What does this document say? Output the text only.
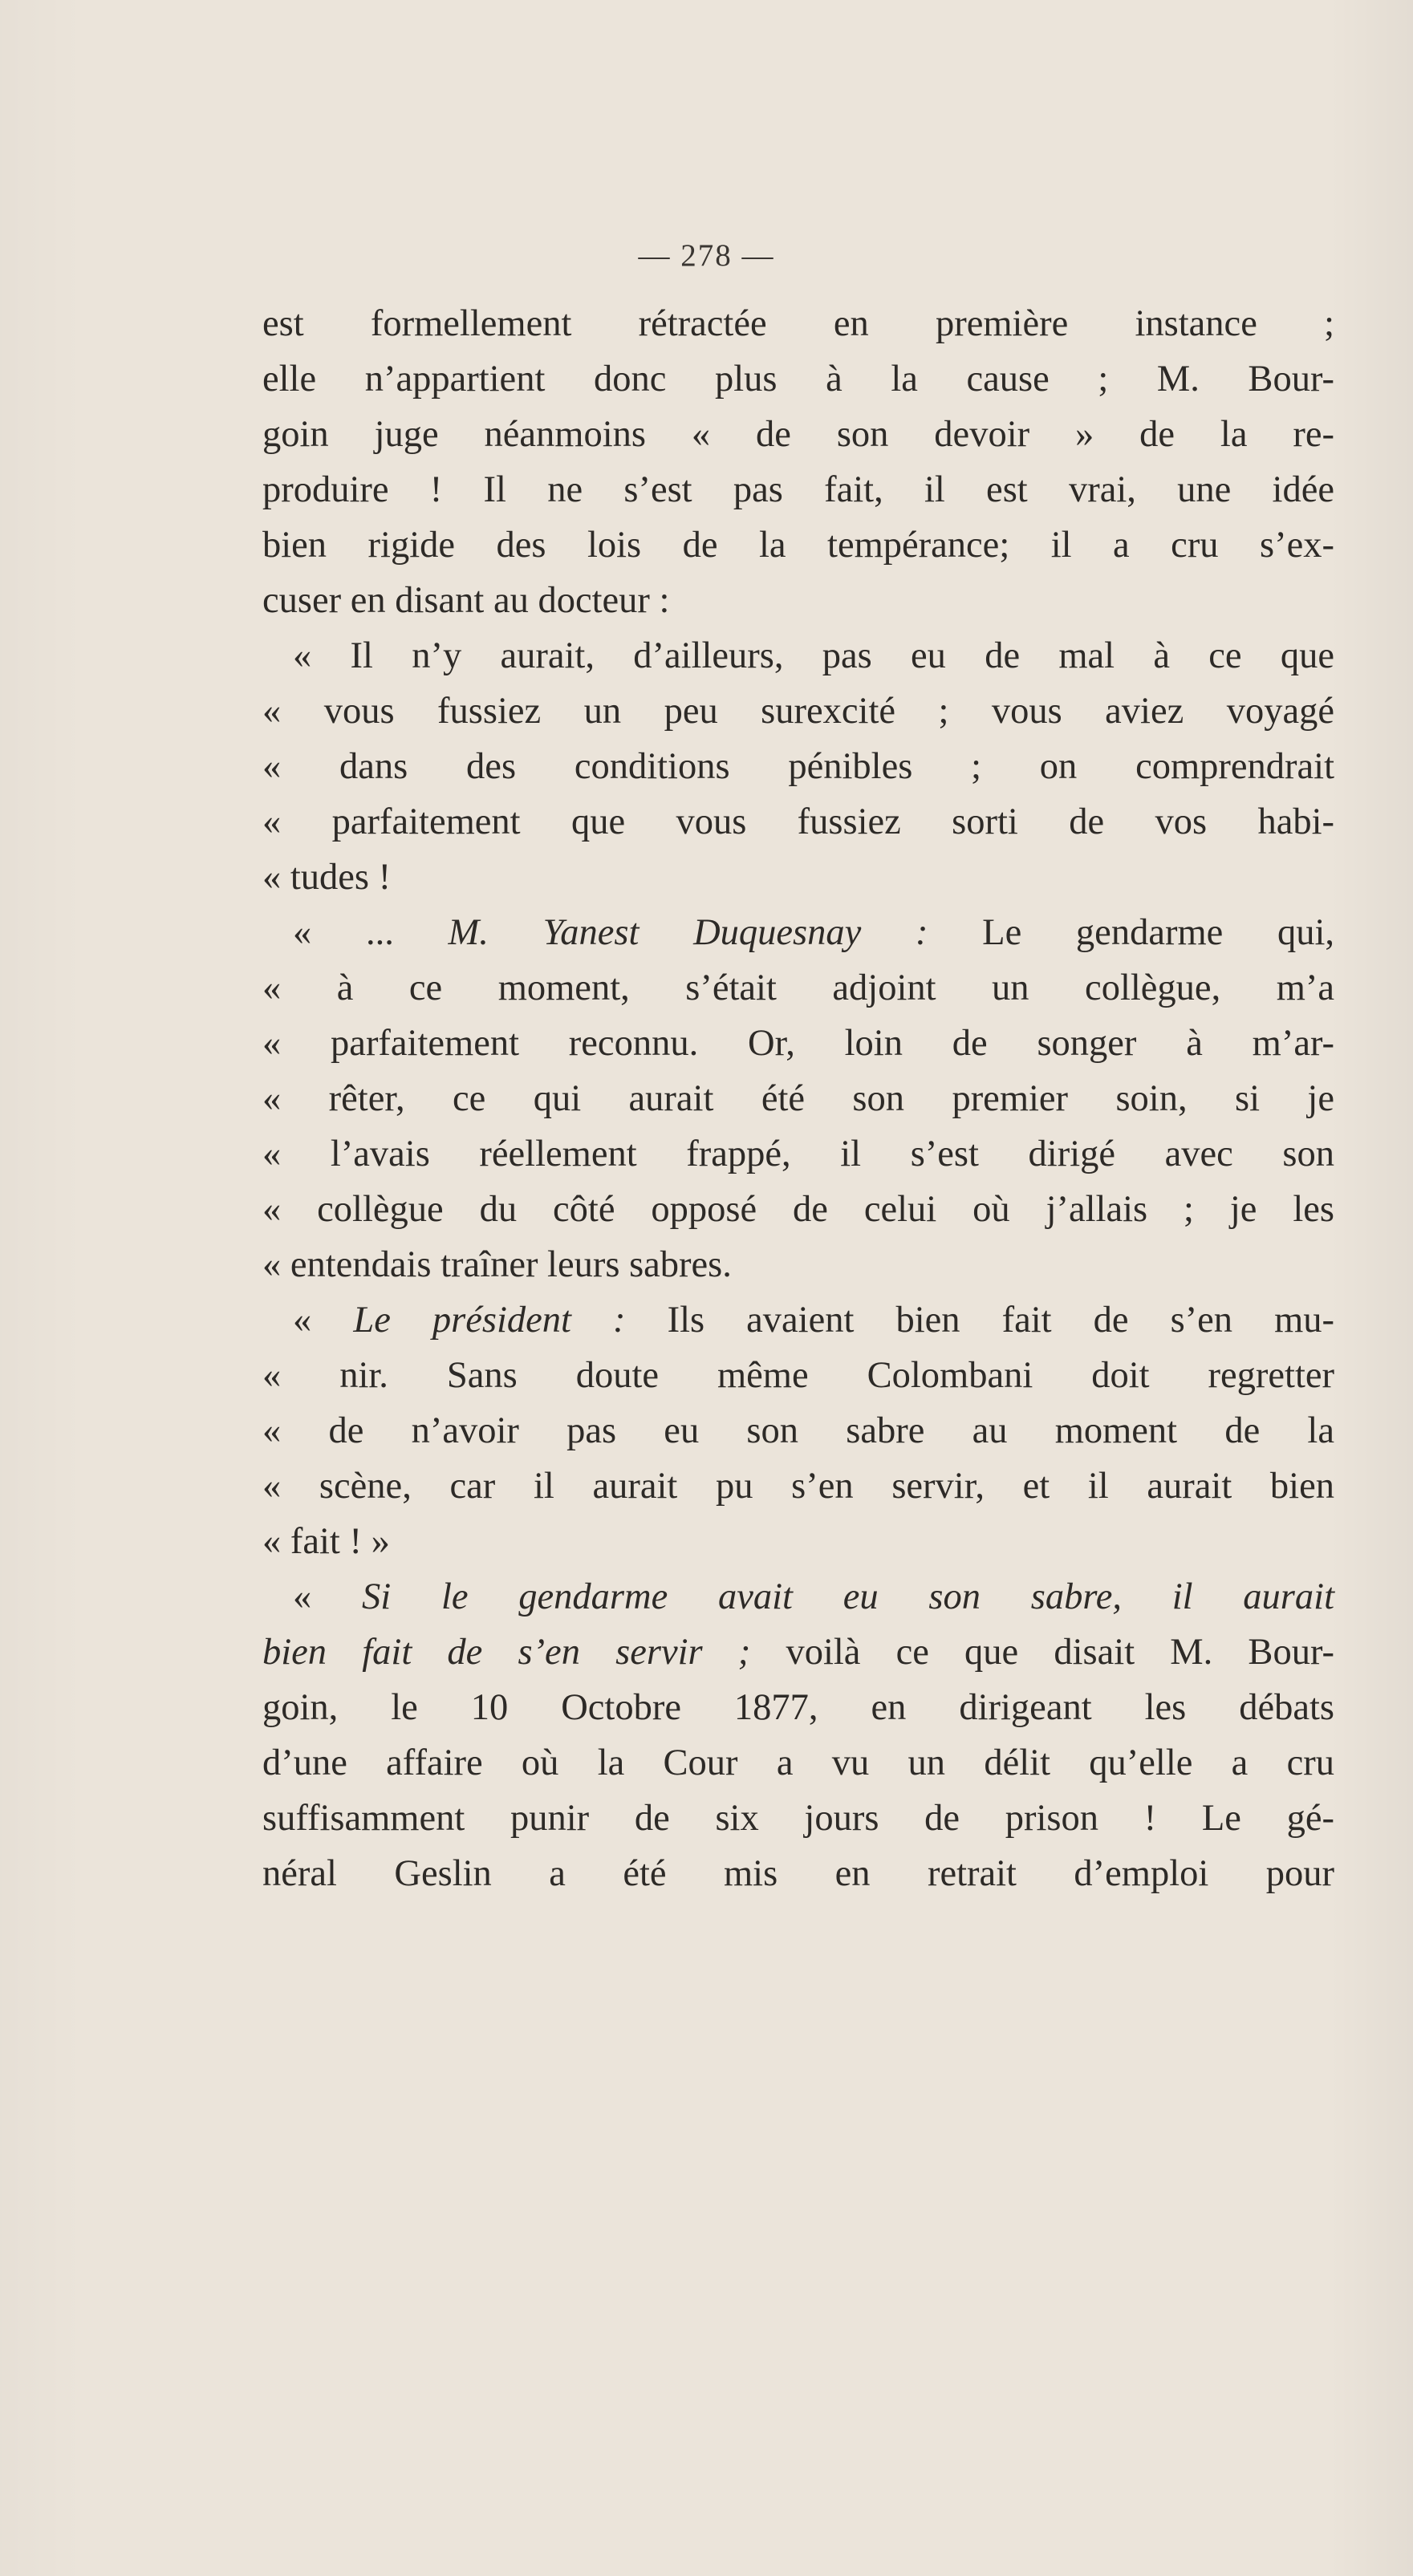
— 278 —
est formellement rétractée en première instance ;
elle n’appartient donc plus à la cause ; M. Bour-
goin juge néanmoins « de son devoir » de la re-
produire ! Il ne s’est pas fait, il est vrai, une idée
bien rigide des lois de la tempérance; il a cru s’ex-
cuser en disant au docteur :
« Il n’y aurait, d’ailleurs, pas eu de mal à ce que
« vous fussiez un peu surexcité ; vous aviez voyagé
« dans des conditions pénibles ; on comprendrait
« parfaitement que vous fussiez sorti de vos habi-
« tudes !
« ... M. Yanest Duquesnay : Le gendarme qui,
« à ce moment, s’était adjoint un collègue, m’a
« parfaitement reconnu. Or, loin de songer à m’ar-
« rêter, ce qui aurait été son premier soin, si je
« l’avais réellement frappé, il s’est dirigé avec son
« collègue du côté opposé de celui où j’allais ; je les
« entendais traîner leurs sabres.
« Le président : Ils avaient bien fait de s’en mu-
« nir. Sans doute même Colombani doit regretter
« de n’avoir pas eu son sabre au moment de la
« scène, car il aurait pu s’en servir, et il aurait bien
« fait ! »
« Si le gendarme avait eu son sabre, il aurait
bien fait de s’en servir ; voilà ce que disait M. Bour-
goin, le 10 Octobre 1877, en dirigeant les débats
d’une affaire où la Cour a vu un délit qu’elle a cru
suffisamment punir de six jours de prison ! Le gé-
néral Geslin a été mis en retrait d’emploi pour
